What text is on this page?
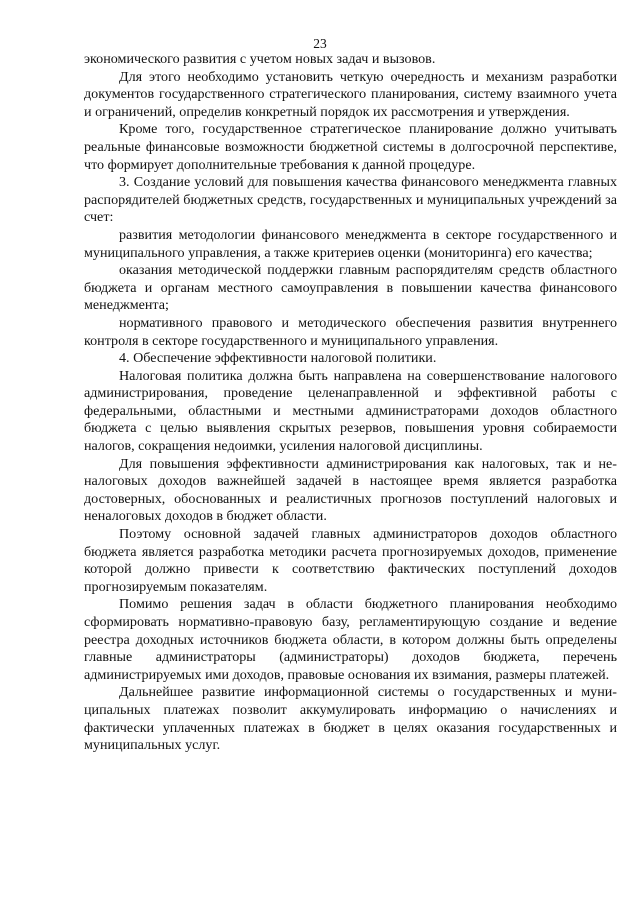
23

экономического развития с учетом новых задач и вызовов.

Для этого необходимо установить четкую очередность и механизм разработки документов государственного стратегического планирования, систему взаимного учета и ограничений, определив конкретный порядок их рассмотрения и утверждения.

Кроме того, государственное стратегическое планирование должно учитывать реальные финансовые возможности бюджетной системы в долгосрочной перспективе, что формирует дополнительные требования к данной процедуре.

3. Создание условий для повышения качества финансового менеджмента главных распорядителей бюджетных средств, государственных и муниципальных учреждений за счет:

развития методологии финансового менеджмента в секторе государственного и муниципального управления, а также критериев оценки (мониторинга) его качества;

оказания методической поддержки главным распорядителям средств областного бюджета и органам местного самоуправления в повышении качества финансового менеджмента;

нормативного правового и методического обеспечения развития внутреннего контроля в секторе государственного и муниципального управления.

4. Обеспечение эффективности налоговой политики.

Налоговая политика должна быть направлена на совершенствование налогового администрирования, проведение целенаправленной и эффективной работы с федеральными, областными и местными администраторами доходов областного бюджета с целью выявления скрытых резервов, повышения уровня собираемости налогов, сокращения недоимки, усиления налоговой дисциплины.

Для повышения эффективности администрирования как налоговых, так и неналоговых доходов важнейшей задачей в настоящее время является разработка достоверных, обоснованных и реалистичных прогнозов поступлений налоговых и неналоговых доходов в бюджет области.

Поэтому основной задачей главных администраторов доходов областного бюджета является разработка методики расчета прогнозируемых доходов, применение которой должно привести к соответствию фактических поступлений доходов прогнозируемым показателям.

Помимо решения задач в области бюджетного планирования необходимо сформировать нормативно-правовую базу, регламентирующую создание и ведение реестра доходных источников бюджета области, в котором должны быть определены главные администраторы (администраторы) доходов бюджета, перечень администрируемых ими доходов, правовые основания их взимания, размеры платежей.

Дальнейшее развитие информационной системы о государственных и муниципальных платежах позволит аккумулировать информацию о начислениях и фактически уплаченных платежах в бюджет в целях оказания государственных и муниципальных услуг.
